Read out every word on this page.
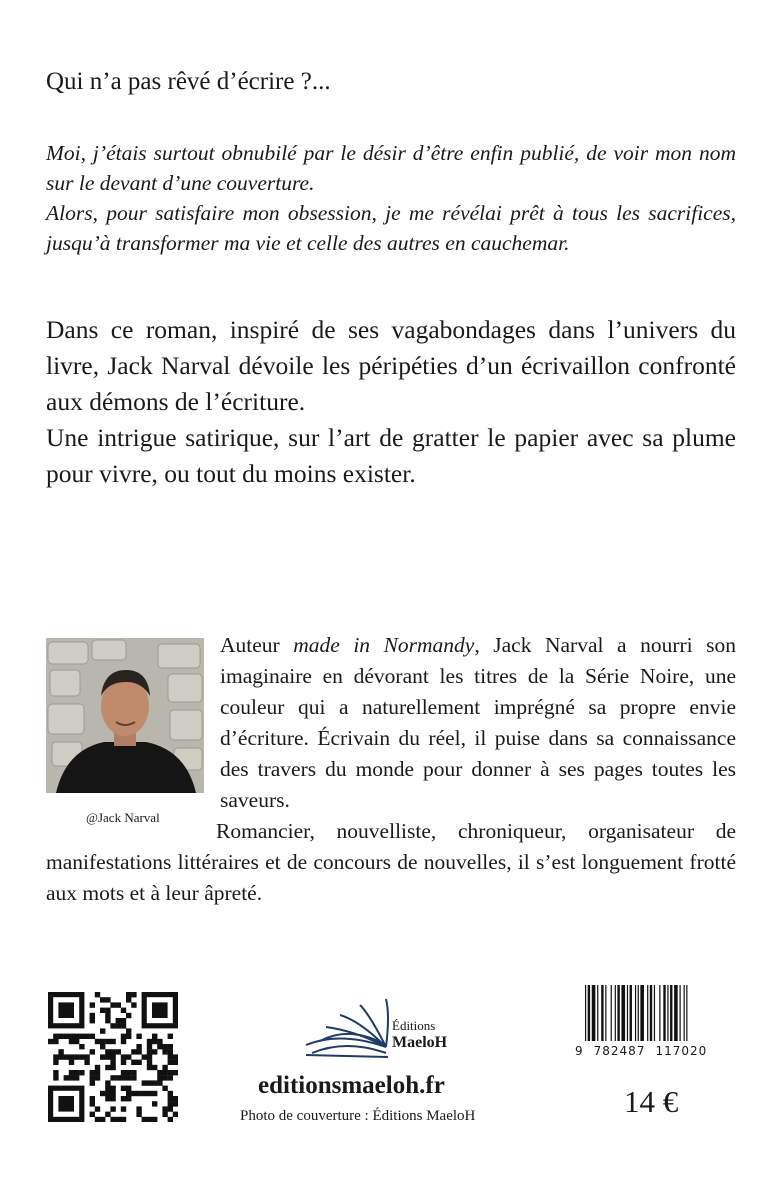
Qui n’a pas rêvé d’écrire ?...

Moi, j’étais surtout obnubilé par le désir d’être enfin publié, de voir mon nom sur le devant d’une couverture.

Alors, pour satisfaire mon obsession, je me révélai prêt à tous les sacrifices, jusqu’à transformer ma vie et celle des autres en cauchemar.

Dans ce roman, inspiré de ses vagabondages dans l’univers du livre, Jack Narval dévoile les péripéties d’un écrivaillon confronté aux démons de l’écriture.

Une intrigue satirique, sur l’art de gratter le papier avec sa plume pour vivre, ou tout du moins exister.

@Jack Narval
Auteur made in Normandy, Jack Narval a nourri son imaginaire en dévorant les titres de la Série Noire, une couleur qui a naturellement imprégné sa propre envie d’écriture. Écrivain du réel, il puise dans sa connaissance des travers du monde pour donner à ses pages toutes les saveurs.
Romancier, nouvelliste, chroniqueur, organisateur de manifestations littéraires et de concours de nouvelles, il s’est longuement frotté aux mots et à leur âpreté.
Éditions
MaeloH
editionsmaeloh.fr
Photo de couverture : Éditions MaeloH
9 782487 117020
14 €
